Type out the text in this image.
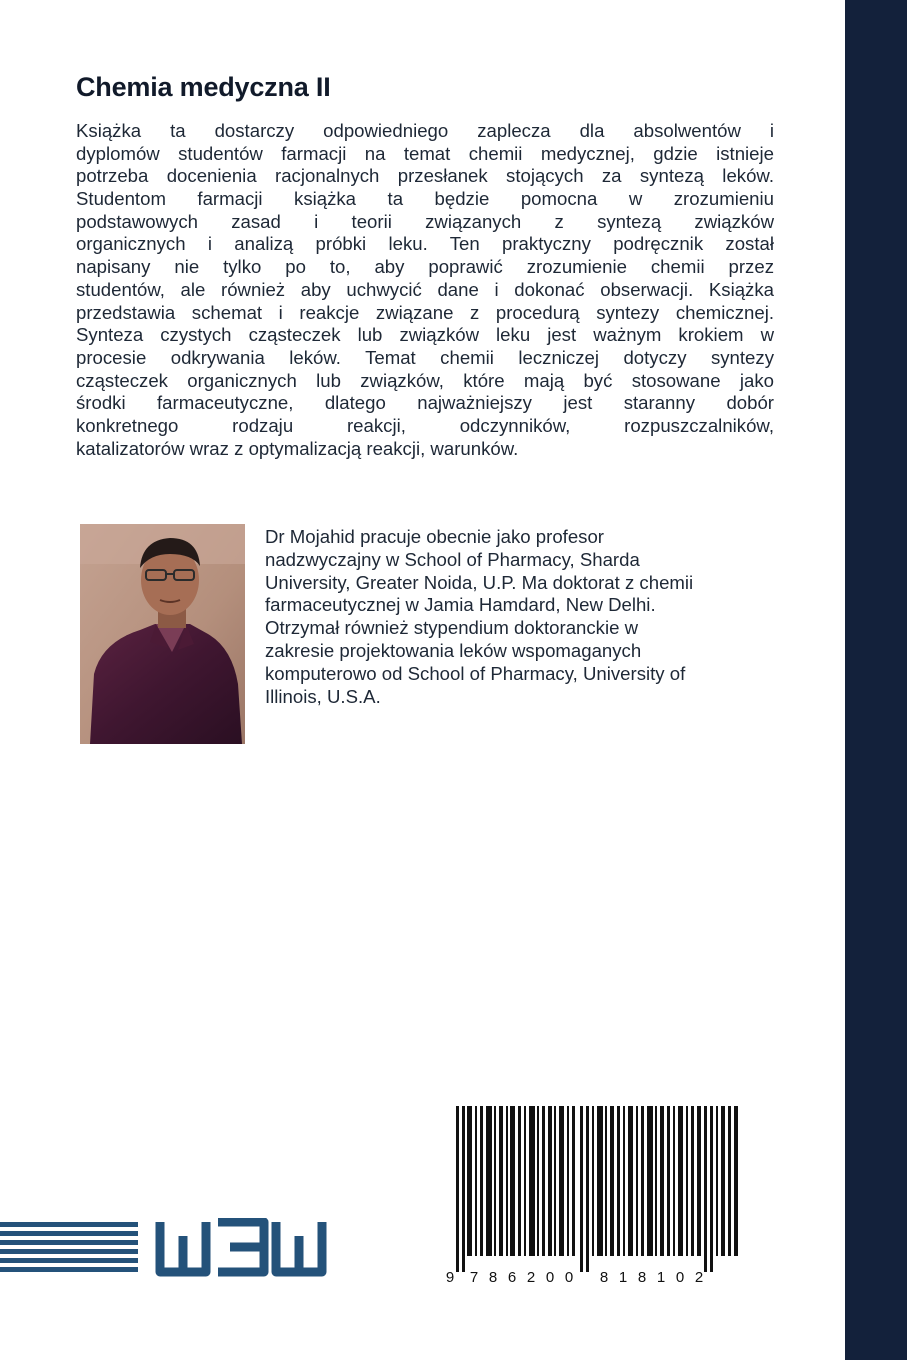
Chemia medyczna II
Książka ta dostarczy odpowiedniego zaplecza dla absolwentów i
dyplomów studentów farmacji na temat chemii medycznej, gdzie istnieje
potrzeba docenienia racjonalnych przesłanek stojących za syntezą leków.
Studentom farmacji książka ta będzie pomocna w zrozumieniu
podstawowych zasad i teorii związanych z syntezą związków
organicznych i analizą próbki leku. Ten praktyczny podręcznik został
napisany nie tylko po to, aby poprawić zrozumienie chemii przez
studentów, ale również aby uchwycić dane i dokonać obserwacji. Książka
przedstawia schemat i reakcje związane z procedurą syntezy chemicznej.
Synteza czystych cząsteczek lub związków leku jest ważnym krokiem w
procesie odkrywania leków. Temat chemii leczniczej dotyczy syntezy
cząsteczek organicznych lub związków, które mają być stosowane jako
środki farmaceutyczne, dlatego najważniejszy jest staranny dobór
konkretnego rodzaju reakcji, odczynników, rozpuszczalników,
katalizatorów wraz z optymalizacją reakcji, warunków.
Dr Mojahid pracuje obecnie jako profesor
nadzwyczajny w School of Pharmacy, Sharda
University, Greater Noida, U.P. Ma doktorat z chemii
farmaceutycznej w Jamia Hamdard, New Delhi.
Otrzymał również stypendium doktoranckie w
zakresie projektowania leków wspomaganych
komputerowo od School of Pharmacy, University of
Illinois, U.S.A.
9 7 8 6 2 0 0 8 1 8 1 0 2
